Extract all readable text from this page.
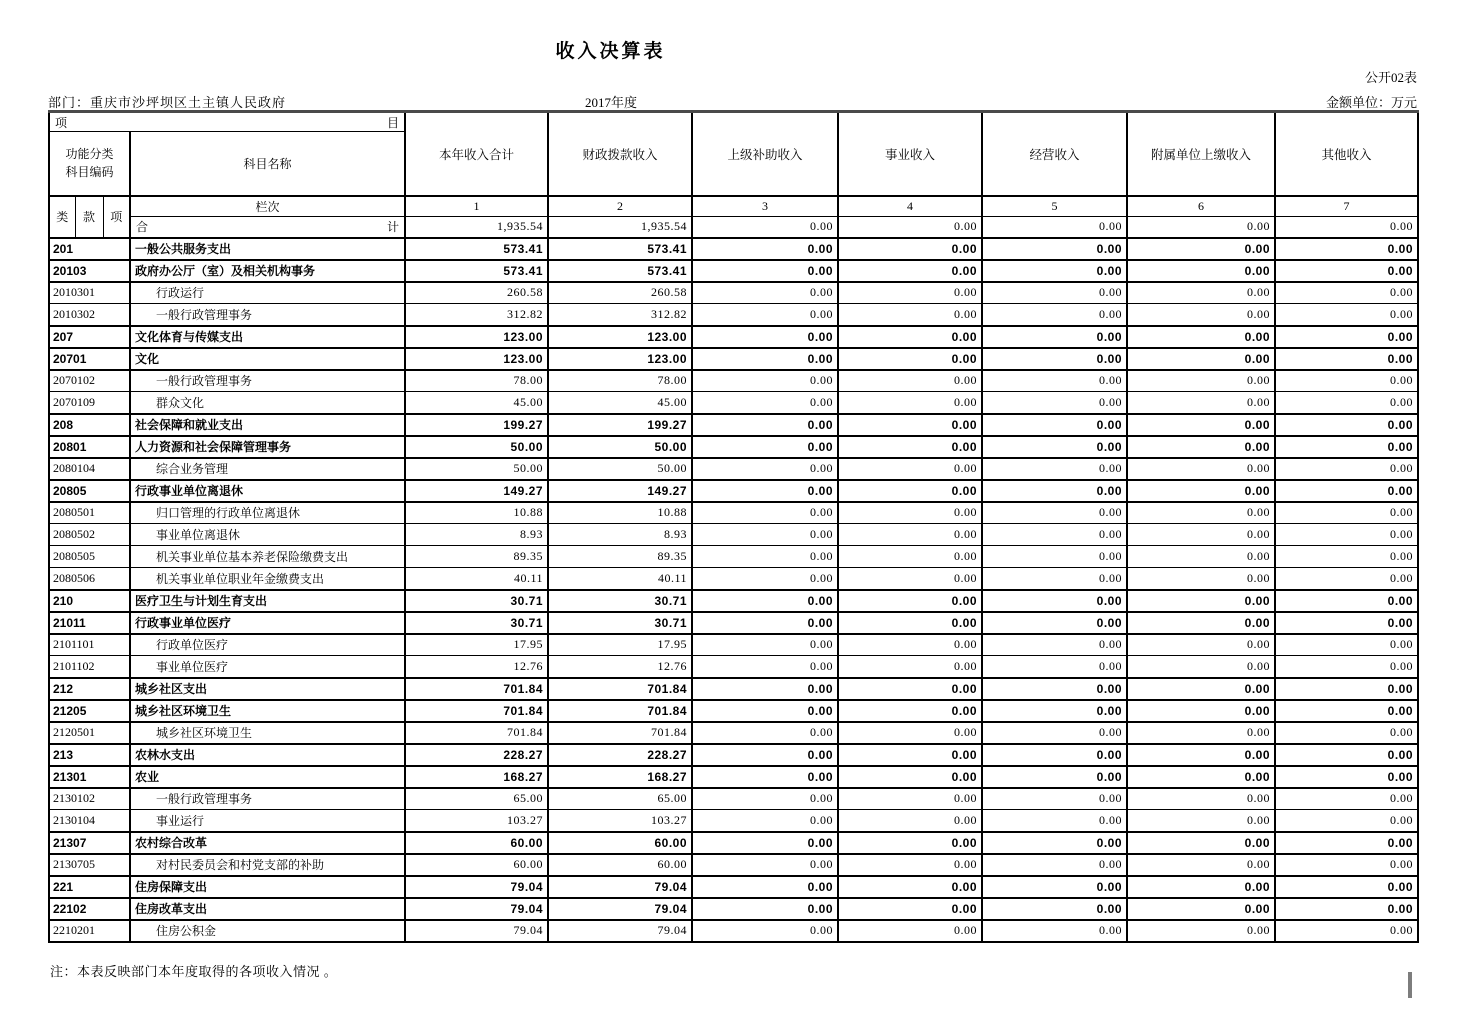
收入决算表
公开02表
部门：重庆市沙坪坝区土主镇人民政府	2017年度	金额单位：万元
项 目				本年收入合计	财政拨款收入	上级补助收入	事业收入	经营收入	附属单位上缴收入	其他收入

功能分类
科目编码			科目名称							
类	款	项	栏次	1	2	3	4	5	6	7

			合 计	1,935.54	1,935.54	0.00	0.00	0.00	0.00	0.00
201			一般公共服务支出	573.41	573.41	0.00	0.00	0.00	0.00	0.00
20103			政府办公厅（室）及相关机构事务	573.41	573.41	0.00	0.00	0.00	0.00	0.00
2010301			行政运行	260.58	260.58	0.00	0.00	0.00	0.00	0.00
2010302			一般行政管理事务	312.82	312.82	0.00	0.00	0.00	0.00	0.00
207			文化体育与传媒支出	123.00	123.00	0.00	0.00	0.00	0.00	0.00
20701			文化	123.00	123.00	0.00	0.00	0.00	0.00	0.00
2070102			一般行政管理事务	78.00	78.00	0.00	0.00	0.00	0.00	0.00
2070109			群众文化	45.00	45.00	0.00	0.00	0.00	0.00	0.00
208			社会保障和就业支出	199.27	199.27	0.00	0.00	0.00	0.00	0.00
20801			人力资源和社会保障管理事务	50.00	50.00	0.00	0.00	0.00	0.00	0.00
2080104			综合业务管理	50.00	50.00	0.00	0.00	0.00	0.00	0.00
20805			行政事业单位离退休	149.27	149.27	0.00	0.00	0.00	0.00	0.00
2080501			归口管理的行政单位离退休	10.88	10.88	0.00	0.00	0.00	0.00	0.00
2080502			事业单位离退休	8.93	8.93	0.00	0.00	0.00	0.00	0.00
2080505			机关事业单位基本养老保险缴费支出	89.35	89.35	0.00	0.00	0.00	0.00	0.00
2080506			机关事业单位职业年金缴费支出	40.11	40.11	0.00	0.00	0.00	0.00	0.00
210			医疗卫生与计划生育支出	30.71	30.71	0.00	0.00	0.00	0.00	0.00
21011			行政事业单位医疗	30.71	30.71	0.00	0.00	0.00	0.00	0.00
2101101			行政单位医疗	17.95	17.95	0.00	0.00	0.00	0.00	0.00
2101102			事业单位医疗	12.76	12.76	0.00	0.00	0.00	0.00	0.00
212			城乡社区支出	701.84	701.84	0.00	0.00	0.00	0.00	0.00
21205			城乡社区环境卫生	701.84	701.84	0.00	0.00	0.00	0.00	0.00
2120501			城乡社区环境卫生	701.84	701.84	0.00	0.00	0.00	0.00	0.00
213			农林水支出	228.27	228.27	0.00	0.00	0.00	0.00	0.00
21301			农业	168.27	168.27	0.00	0.00	0.00	0.00	0.00
2130102			一般行政管理事务	65.00	65.00	0.00	0.00	0.00	0.00	0.00
2130104			事业运行	103.27	103.27	0.00	0.00	0.00	0.00	0.00
21307			农村综合改革	60.00	60.00	0.00	0.00	0.00	0.00	0.00
2130705			对村民委员会和村党支部的补助	60.00	60.00	0.00	0.00	0.00	0.00	0.00
221			住房保障支出	79.04	79.04	0.00	0.00	0.00	0.00	0.00
22102			住房改革支出	79.04	79.04	0.00	0.00	0.00	0.00	0.00
2210201			住房公积金	79.04	79.04	0.00	0.00	0.00	0.00	0.00
注：本表反映部门本年度取得的各项收入情况 。
